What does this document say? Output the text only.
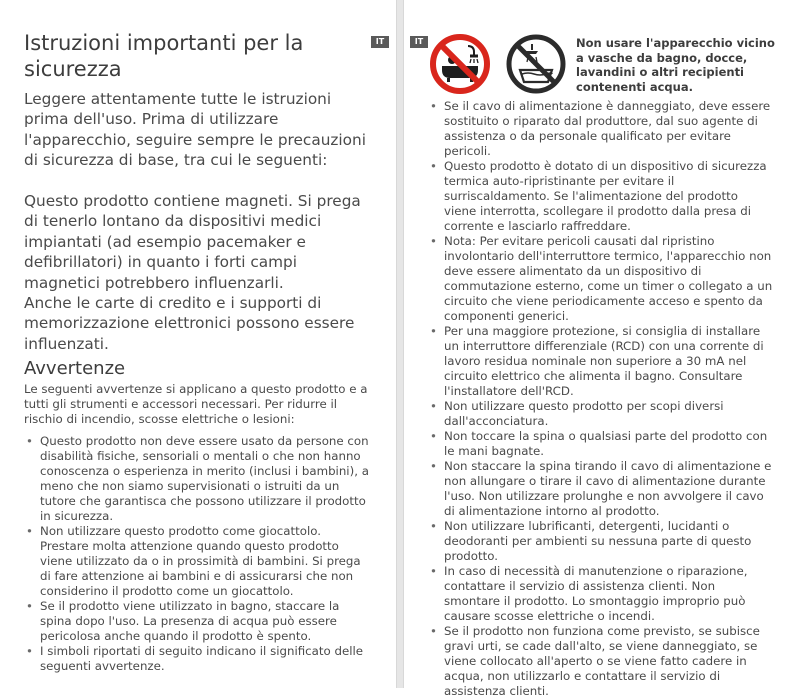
Istruzioni importanti per la sicurezza

Leggere attentamente tutte le istruzioni prima dell'uso. Prima di utilizzare l'apparecchio, seguire sempre le precauzioni di sicurezza di base, tra cui le seguenti:

Questo prodotto contiene magneti. Si prega di tenerlo lontano da dispositivi medici impiantati (ad esempio pacemaker e defibrillatori) in quanto i forti campi magnetici potrebbero influenzarli.
Anche le carte di credito e i supporti di memorizzazione elettronici possono essere influenzati.
Avvertenze

Le seguenti avvertenze si applicano a questo prodotto e a tutti gli strumenti e accessori necessari. Per ridurre il rischio di incendio, scosse elettriche o lesioni:

• Questo prodotto non deve essere usato da persone con disabilità fisiche, sensoriali o mentali o che non hanno conoscenza o esperienza in merito (inclusi i bambini), a meno che non siamo supervisionati o istruiti da un tutore che garantisca che possono utilizzare il prodotto in sicurezza.
• Non utilizzare questo prodotto come giocattolo. Prestare molta attenzione quando questo prodotto viene utilizzato da o in prossimità di bambini. Si prega di fare attenzione ai bambini e di assicurarsi che non considerino il prodotto come un giocattolo.
• Se il prodotto viene utilizzato in bagno, staccare la spina dopo l'uso. La presenza di acqua può essere pericolosa anche quando il prodotto è spento.
• I simboli riportati di seguito indicano il significato delle seguenti avvertenze.
IT	IT	Non usare l'apparecchio vicino a vasche da bagno, docce, lavandini o altri recipienti contenenti acqua.

• Se il cavo di alimentazione è danneggiato, deve essere sostituito o riparato dal produttore, dal suo agente di assistenza o da personale qualificato per evitare pericoli.
• Questo prodotto è dotato di un dispositivo di sicurezza termica auto-ripristinante per evitare il surriscaldamento. Se l'alimentazione del prodotto viene interrotta, scollegare il prodotto dalla presa di corrente e lasciarlo raffreddare.
• Nota: Per evitare pericoli causati dal ripristino involontario dell'interruttore termico, l'apparecchio non deve essere alimentato da un dispositivo di commutazione esterno, come un timer o collegato a un circuito che viene periodicamente acceso e spento da componenti generici.
• Per una maggiore protezione, si consiglia di installare un interruttore differenziale (RCD) con una corrente di lavoro residua nominale non superiore a 30 mA nel circuito elettrico che alimenta il bagno. Consultare l'installatore dell'RCD.
• Non utilizzare questo prodotto per scopi diversi dall'acconciatura.
• Non toccare la spina o qualsiasi parte del prodotto con le mani bagnate.
• Non staccare la spina tirando il cavo di alimentazione e non allungare o tirare il cavo di alimentazione durante l'uso. Non utilizzare prolunghe e non avvolgere il cavo di alimentazione intorno al prodotto.
• Non utilizzare lubrificanti, detergenti, lucidanti o deodoranti per ambienti su nessuna parte di questo prodotto.
• In caso di necessità di manutenzione o riparazione, contattare il servizio di assistenza clienti. Non smontare il prodotto. Lo smontaggio improprio può causare scosse elettriche o incendi.
• Se il prodotto non funziona come previsto, se subisce gravi urti, se cade dall'alto, se viene danneggiato, se viene collocato all'aperto o se viene fatto cadere in acqua, non utilizzarlo e contattare il servizio di assistenza clienti.
